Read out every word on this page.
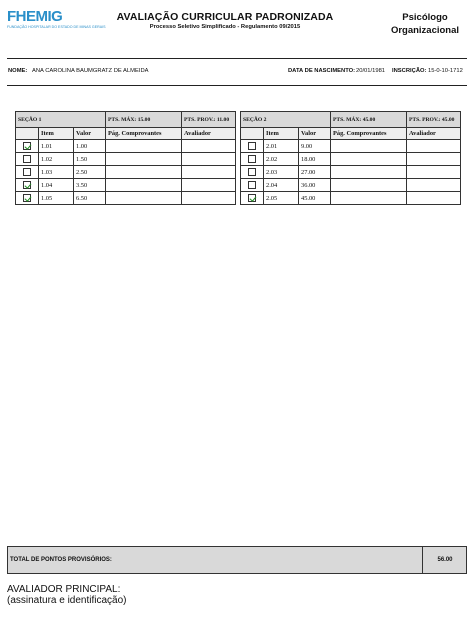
FHEMIG
FUNDAÇÃO HOSPITALAR DO ESTADO DE MINAS GERAIS
AVALIAÇÃO CURRICULAR PADRONIZADA
Processo Seletivo Simplificado - Regulamento 09/2015
Psicólogo
Organizacional
NOME: ANA CAROLINA BAUMGRATZ DE ALMEIDA	DATA DE NASCIMENTO: 20/01/1981 INSCRIÇÃO: 15-0-10-1712
SEÇÃO 1			PTS. MÁX: 15.00	PTS. PROV.: 11.00
	Item	Valor	Pág. Comprovantes	Avaliador
	1.01	1.00		
	1.02	1.50		
	1.03	2.50		
	1.04	3.50		
	1.05	6.50		
SEÇÃO 2			PTS. MÁX: 45.00	PTS. PROV.: 45.00
	Item	Valor	Pág. Comprovantes	Avaliador
	2.01	9.00		
	2.02	18.00		
	2.03	27.00		
	2.04	36.00		
	2.05	45.00		
TOTAL DE PONTOS PROVISÓRIOS:	56.00
AVALIADOR PRINCIPAL:
(assinatura e identificação)
